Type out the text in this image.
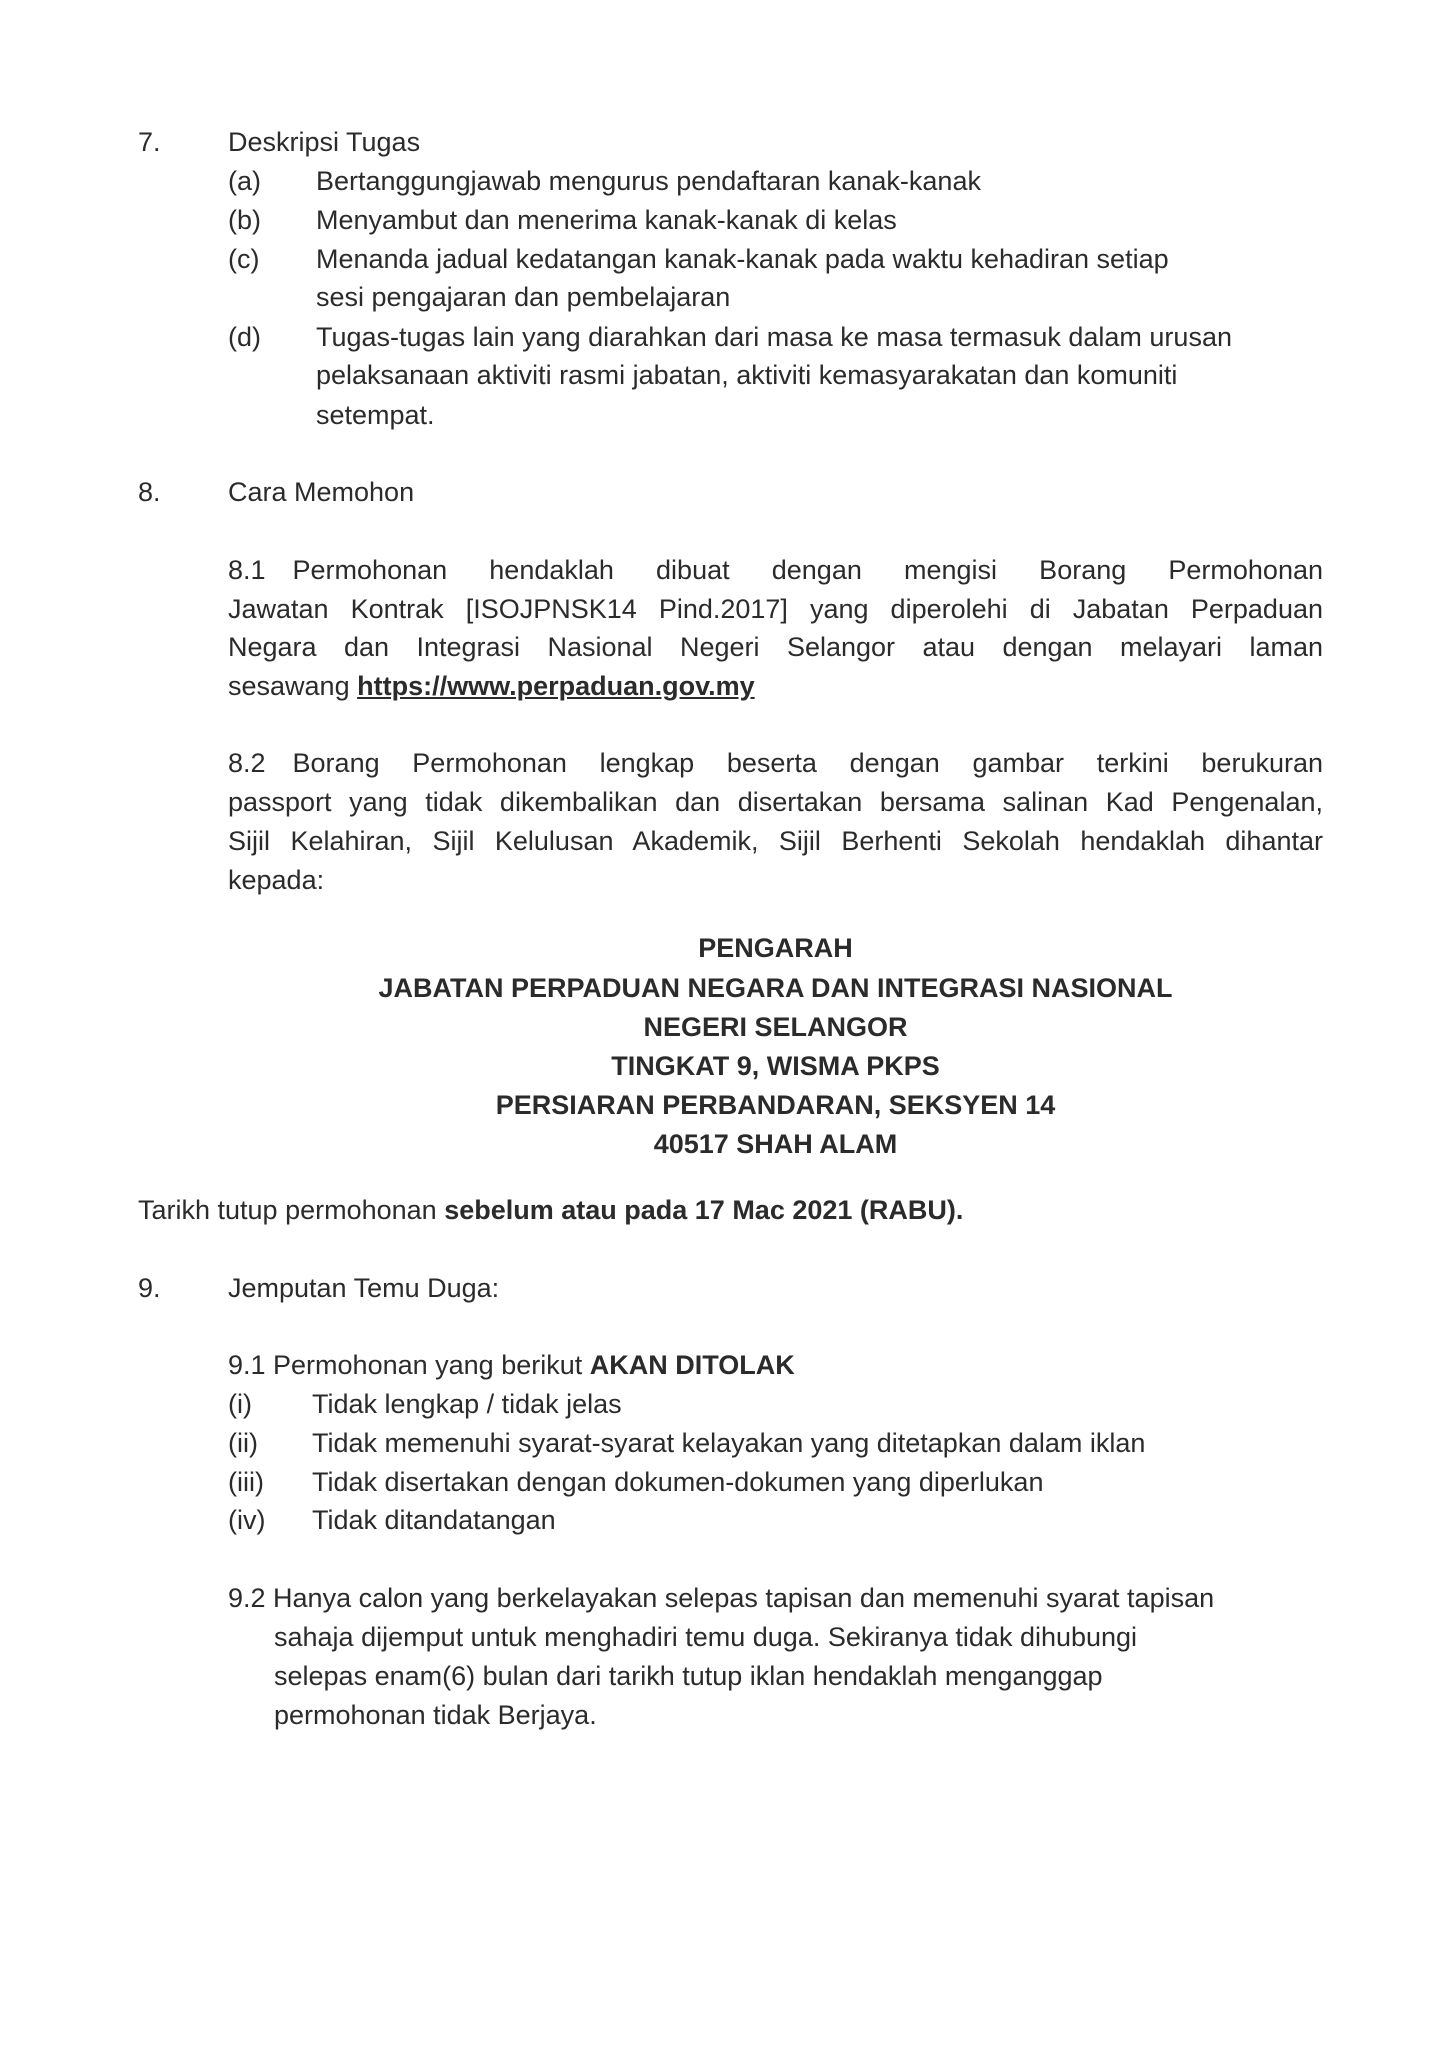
7. Deskripsi Tugas
(a) Bertanggungjawab mengurus pendaftaran kanak-kanak
(b) Menyambut dan menerima kanak-kanak di kelas
(c) Menanda jadual kedatangan kanak-kanak pada waktu kehadiran setiap
sesi pengajaran dan pembelajaran
(d) Tugas-tugas lain yang diarahkan dari masa ke masa termasuk dalam urusan
pelaksanaan aktiviti rasmi jabatan, aktiviti kemasyarakatan dan komuniti
setempat.
8. Cara Memohon
8.1 Permohonan hendaklah dibuat dengan mengisi Borang Permohonan
Jawatan Kontrak [ISOJPNSK14 Pind.2017] yang diperolehi di Jabatan Perpaduan
Negara dan Integrasi Nasional Negeri Selangor atau dengan melayari laman
sesawang https://www.perpaduan.gov.my
8.2 Borang Permohonan lengkap beserta dengan gambar terkini berukuran
passport yang tidak dikembalikan dan disertakan bersama salinan Kad Pengenalan,
Sijil Kelahiran, Sijil Kelulusan Akademik, Sijil Berhenti Sekolah hendaklah dihantar
kepada:
PENGARAH
JABATAN PERPADUAN NEGARA DAN INTEGRASI NASIONAL
NEGERI SELANGOR
TINGKAT 9, WISMA PKPS
PERSIARAN PERBANDARAN, SEKSYEN 14
40517 SHAH ALAM
Tarikh tutup permohonan sebelum atau pada 17 Mac 2021 (RABU).
9. Jemputan Temu Duga:
9.1 Permohonan yang berikut AKAN DITOLAK
(i) Tidak lengkap / tidak jelas
(ii) Tidak memenuhi syarat-syarat kelayakan yang ditetapkan dalam iklan
(iii) Tidak disertakan dengan dokumen-dokumen yang diperlukan
(iv) Tidak ditandatangan
9.2 Hanya calon yang berkelayakan selepas tapisan dan memenuhi syarat tapisan
sahaja dijemput untuk menghadiri temu duga. Sekiranya tidak dihubungi
selepas enam(6) bulan dari tarikh tutup iklan hendaklah menganggap
permohonan tidak Berjaya.
